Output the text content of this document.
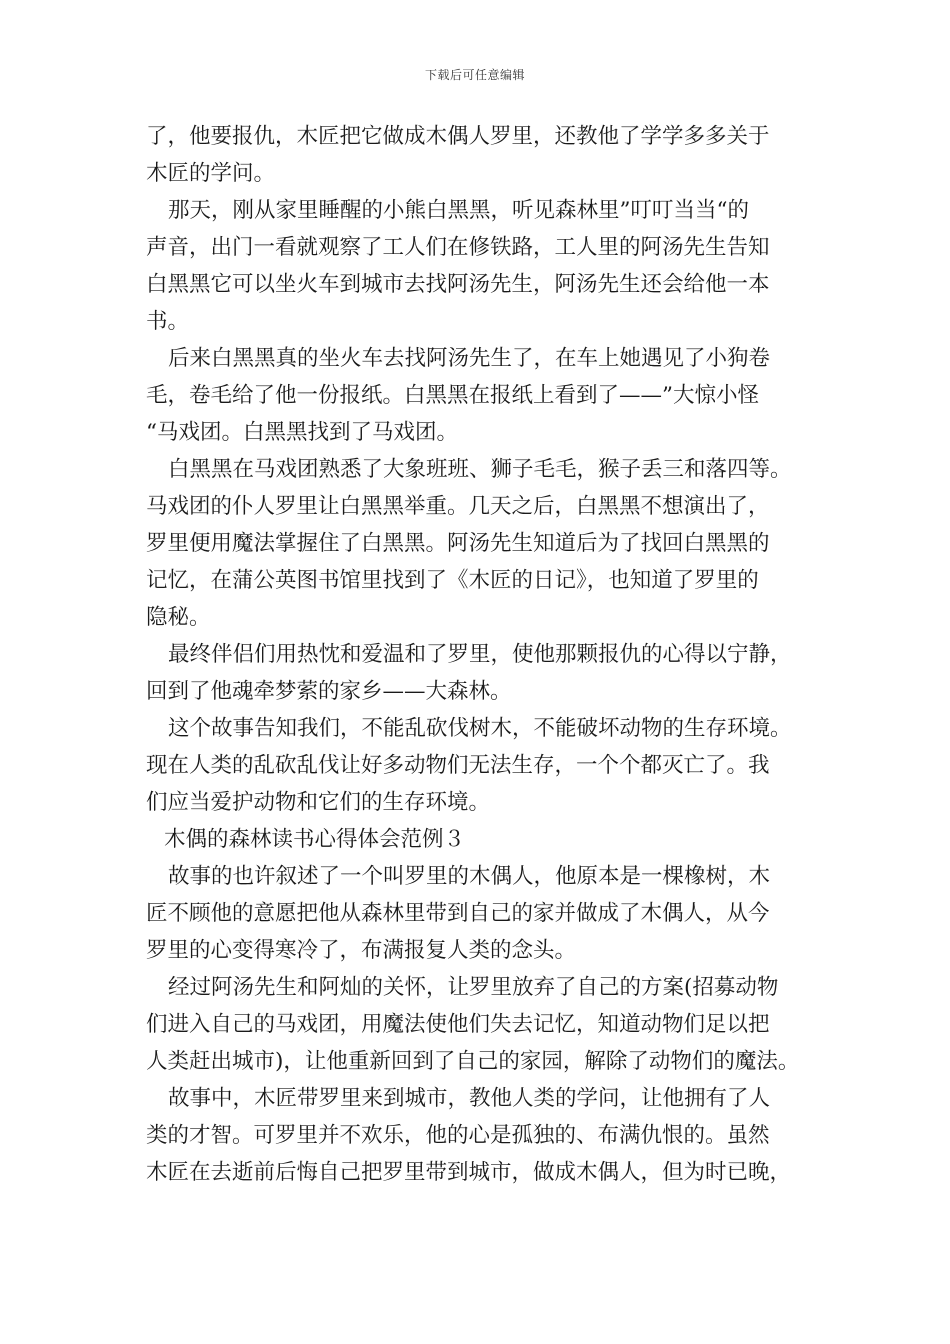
下载后可任意编辑
了，他要报仇，木匠把它做成木偶人罗里，还教他了学学多多关于
木匠的学问。
那天，刚从家里睡醒的小熊白黑黑，听见森林里”叮叮当当“的
声音，出门一看就观察了工人们在修铁路，工人里的阿汤先生告知
白黑黑它可以坐火车到城市去找阿汤先生，阿汤先生还会给他一本
书。
后来白黑黑真的坐火车去找阿汤先生了，在车上她遇见了小狗卷
毛，卷毛给了他一份报纸。白黑黑在报纸上看到了——”大惊小怪
“马戏团。白黑黑找到了马戏团。
白黑黑在马戏团熟悉了大象班班、狮子毛毛，猴子丢三和落四等。
马戏团的仆人罗里让白黑黑举重。几天之后，白黑黑不想演出了，
罗里便用魔法掌握住了白黑黑。阿汤先生知道后为了找回白黑黑的
记忆，在蒲公英图书馆里找到了《木匠的日记》，也知道了罗里的
隐秘。
最终伴侣们用热忱和爱温和了罗里，使他那颗报仇的心得以宁静，
回到了他魂牵梦萦的家乡——大森林。
这个故事告知我们，不能乱砍伐树木，不能破坏动物的生存环境。
现在人类的乱砍乱伐让好多动物们无法生存，一个个都灭亡了。我
们应当爱护动物和它们的生存环境。
木偶的森林读书心得体会范例３
故事的也许叙述了一个叫罗里的木偶人，他原本是一棵橡树，木
匠不顾他的意愿把他从森林里带到自己的家并做成了木偶人，从今
罗里的心变得寒冷了，布满报复人类的念头。
经过阿汤先生和阿灿的关怀，让罗里放弃了自己的方案(招募动物
们进入自己的马戏团，用魔法使他们失去记忆，知道动物们足以把
人类赶出城市)，让他重新回到了自己的家园，解除了动物们的魔法。
故事中，木匠带罗里来到城市，教他人类的学问，让他拥有了人
类的才智。可罗里并不欢乐，他的心是孤独的、布满仇恨的。虽然
木匠在去逝前后悔自己把罗里带到城市，做成木偶人，但为时已晚，
